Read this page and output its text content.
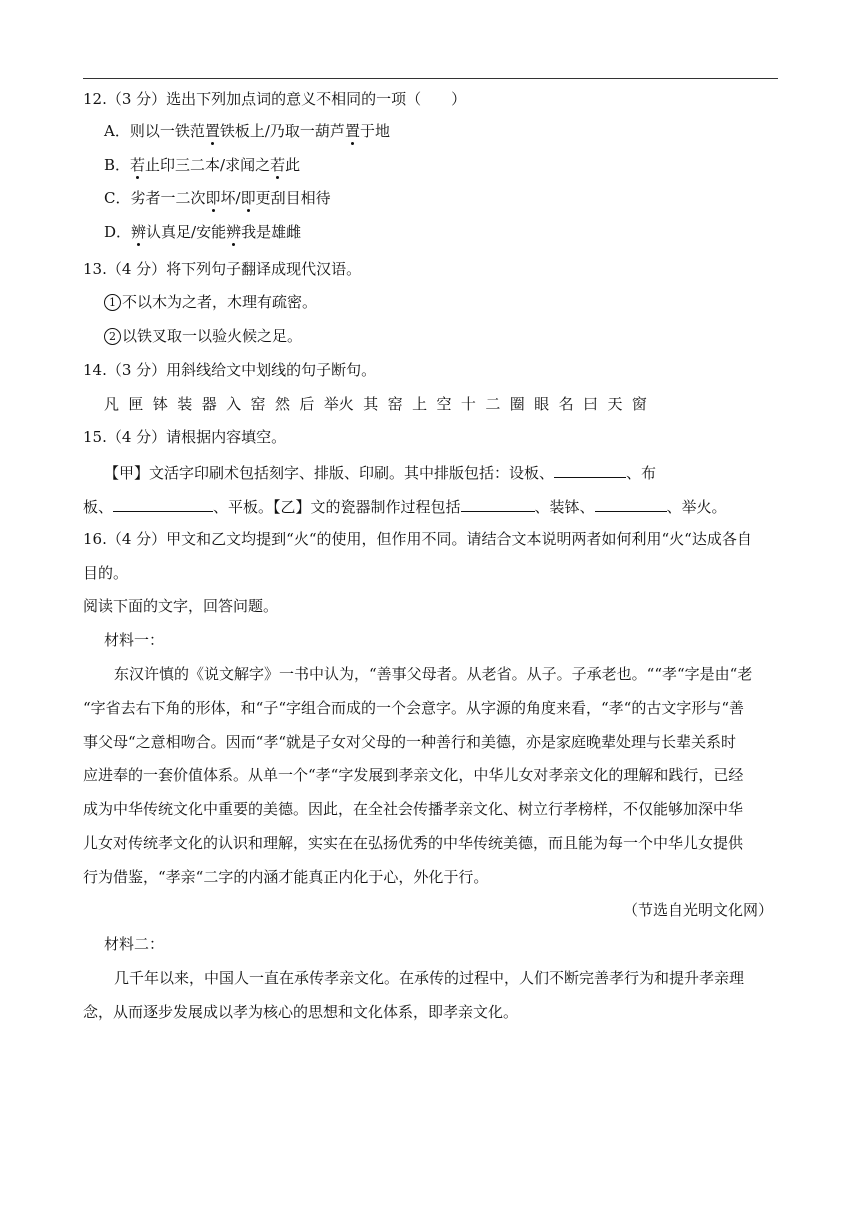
12.（3 分）选出下列加点词的意义不相同的一项（　　）
A．则以一铁范置铁板上/乃取一葫芦置于地
B．若止印三二本/求闻之若此
C．劣者一二次即坏/即更刮目相待
D．辨认真足/安能辨我是雄雌
13.（4 分）将下列句子翻译成现代汉语。
1 不以木为之者，木理有疏密。
2 以铁叉取一以验火候之足。
14.（3 分）用斜线给文中划线的句子断句。
凡 匣 钵 装 器 入 窑 然 后 举火 其 窑 上 空 十 二 圈 眼 名 曰 天 窗
15.（4 分）请根据内容填空。
【甲】文活字印刷术包括刻字、排版、印刷。其中排版包括：设板、	、布
板、	、平板。【乙】文的瓷器制作过程包括	、装钵、	、举火。
16.（4 分）甲文和乙文均提到“火“的使用，但作用不同。请结合文本说明两者如何利用“火“达成各自
目的。
阅读下面的文字，回答问题。
材料一：
东汉许慎的《说文解字》一书中认为，“善事父母者。从老省。从子。子承老也。““孝“字是由“老
“字省去右下角的形体，和“子“字组合而成的一个会意字。从字源的角度来看，“孝“的古文字形与“善
事父母“之意相吻合。因而“孝“就是子女对父母的一种善行和美德，亦是家庭晚辈处理与长辈关系时
应进奉的一套价值体系。从单一个“孝“字发展到孝亲文化，中华儿女对孝亲文化的理解和践行，已经
成为中华传统文化中重要的美德。因此，在全社会传播孝亲文化、树立行孝榜样，不仅能够加深中华
儿女对传统孝文化的认识和理解，实实在在弘扬优秀的中华传统美德，而且能为每一个中华儿女提供
行为借鉴，“孝亲“二字的内涵才能真正内化于心，外化于行。
（节选自光明文化网）
材料二：
几千年以来，中国人一直在承传孝亲文化。在承传的过程中，人们不断完善孝行为和提升孝亲理
念，从而逐步发展成以孝为核心的思想和文化体系，即孝亲文化。
